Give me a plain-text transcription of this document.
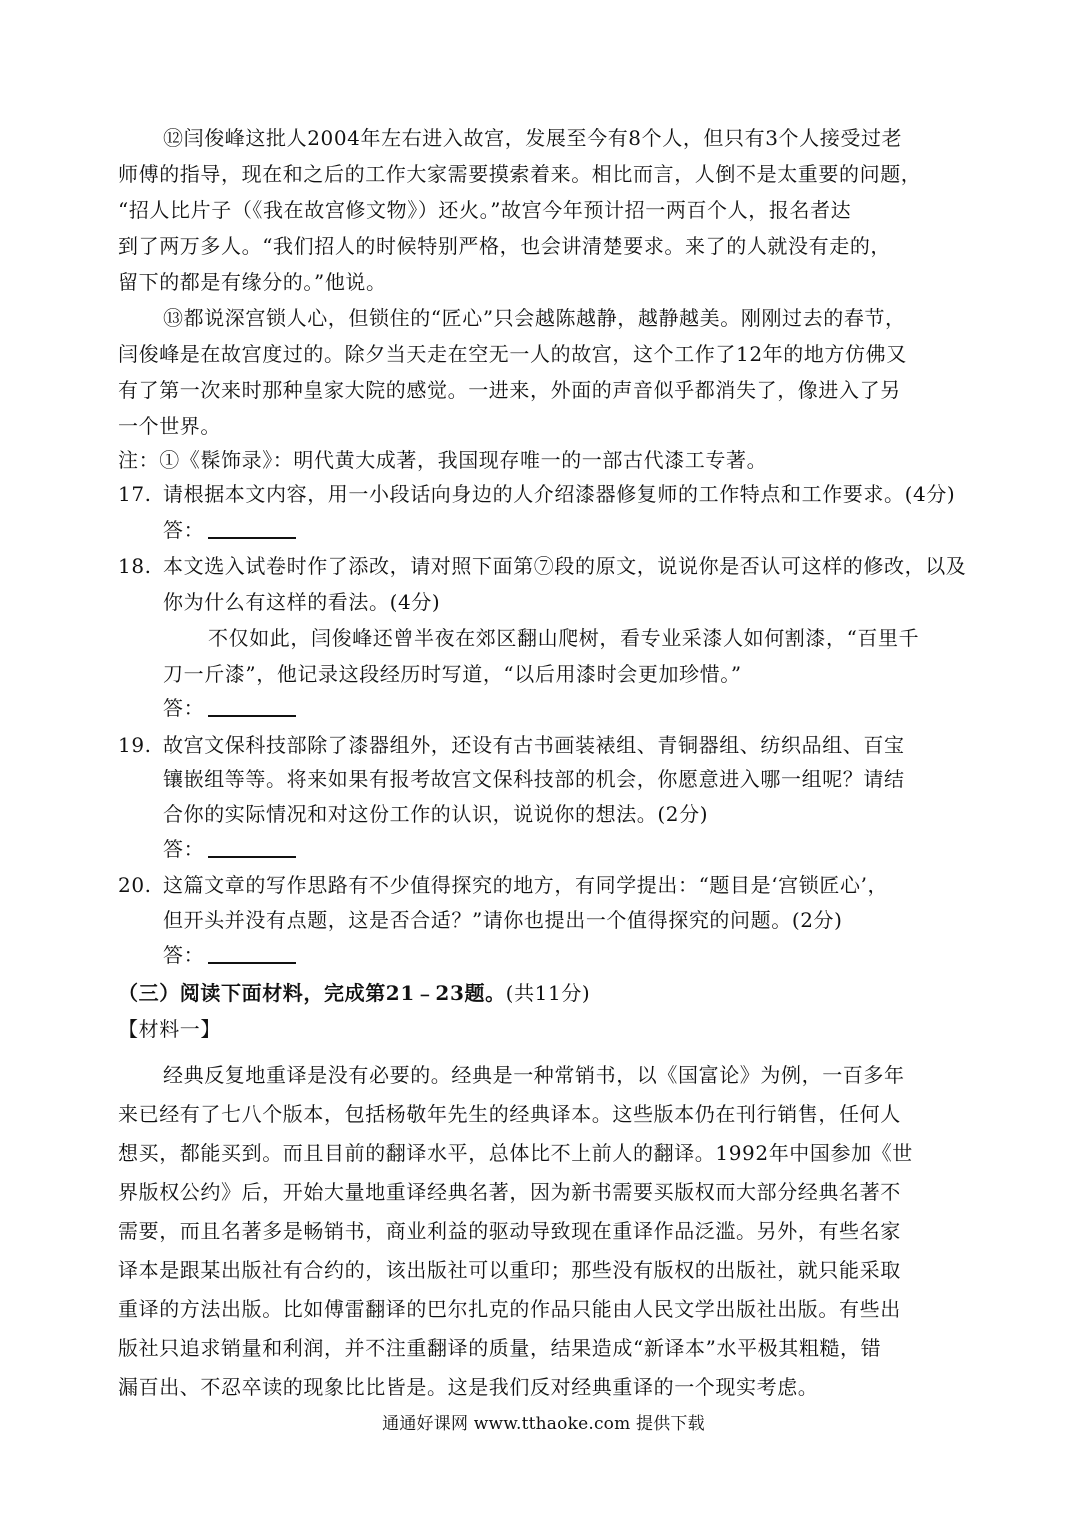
⑫闫俊峰这批人2004年左右进入故宫，发展至今有8个人，但只有3个人接受过老
师傅的指导，现在和之后的工作大家需要摸索着来。相比而言，人倒不是太重要的问题，
“招人比片子（《我在故宫修文物》）还火。”故宫今年预计招一两百个人，报名者达
到了两万多人。“我们招人的时候特别严格，也会讲清楚要求。来了的人就没有走的，
留下的都是有缘分的。”他说。
⑬都说深宫锁人心，但锁住的“匠心”只会越陈越静，越静越美。刚刚过去的春节，
闫俊峰是在故宫度过的。除夕当天走在空无一人的故宫，这个工作了12年的地方仿佛又
有了第一次来时那种皇家大院的感觉。一进来，外面的声音似乎都消失了，像进入了另
一个世界。
注：①《髹饰录》：明代黄大成著，我国现存唯一的一部古代漆工专著。
17. 请根据本文内容，用一小段话向身边的人介绍漆器修复师的工作特点和工作要求。(4分)
答：
18. 本文选入试卷时作了添改，请对照下面第⑦段的原文，说说你是否认可这样的修改，以及
你为什么有这样的看法。(4分)
不仅如此，闫俊峰还曾半夜在郊区翻山爬树，看专业采漆人如何割漆，“百里千
刀一斤漆”，他记录这段经历时写道，“以后用漆时会更加珍惜。”
答：
19. 故宫文保科技部除了漆器组外，还设有古书画装裱组、青铜器组、纺织品组、百宝
镶嵌组等等。将来如果有报考故宫文保科技部的机会，你愿意进入哪一组呢？请结
合你的实际情况和对这份工作的认识，说说你的想法。(2分)
答：
20. 这篇文章的写作思路有不少值得探究的地方，有同学提出：“题目是‘宫锁匠心’，
但开头并没有点题，这是否合适？”请你也提出一个值得探究的问题。(2分)
答：
（三）阅读下面材料，完成第21﹣23题。(共11分)
【材料一】
经典反复地重译是没有必要的。经典是一种常销书，以《国富论》为例，一百多年
来已经有了七八个版本，包括杨敬年先生的经典译本。这些版本仍在刊行销售，任何人
想买，都能买到。而且目前的翻译水平，总体比不上前人的翻译。1992年中国参加《世
界版权公约》后，开始大量地重译经典名著，因为新书需要买版权而大部分经典名著不
需要，而且名著多是畅销书，商业利益的驱动导致现在重译作品泛滥。另外，有些名家
译本是跟某出版社有合约的，该出版社可以重印；那些没有版权的出版社，就只能采取
重译的方法出版。比如傅雷翻译的巴尔扎克的作品只能由人民文学出版社出版。有些出
版社只追求销量和利润，并不注重翻译的质量，结果造成“新译本”水平极其粗糙，错
漏百出、不忍卒读的现象比比皆是。这是我们反对经典重译的一个现实考虑。
通通好课网 www.tthaoke.com 提供下载
